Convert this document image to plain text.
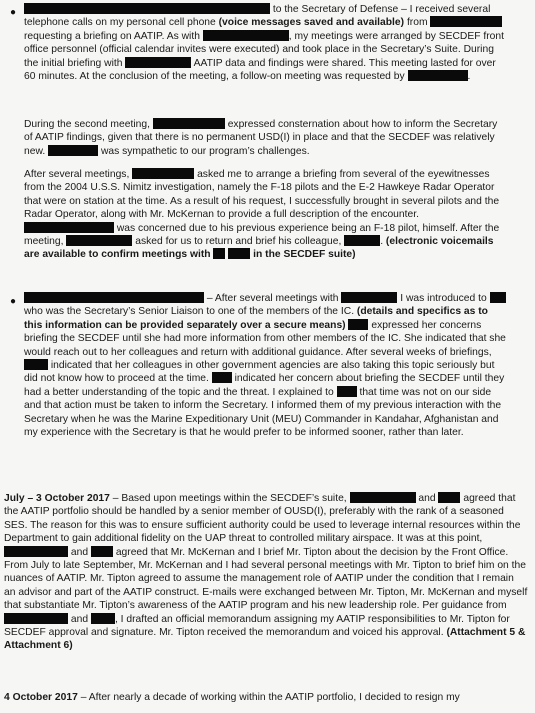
●	to the Secretary of Defense – I received several telephone calls on my personal cell phone (voice messages saved and available) from  requesting a briefing on AATIP. As with	, my meetings were arranged by SECDEF front office personnel (official calendar invites were executed) and took place in the Secretary’s Suite. During the initial briefing with	AATIP data and findings were shared. This meeting lasted for over 60 minutes. At the conclusion of the meeting, a follow-on meeting was requested by	.
During the second meeting,	expressed consternation about how to inform the Secretary of AATIP findings, given that there is no permanent USD(I) in place and that the SECDEF was relatively new.	was sympathetic to our program’s challenges.
After several meetings,	asked me to arrange a briefing from several of the eyewitnesses from the 2004 U.S.S. Nimitz investigation, namely the F-18 pilots and the E-2 Hawkeye Radar Operator that were on station at the time. As a result of his request, I successfully brought in several pilots and the Radar Operator, along with Mr. McKernan to provide a full description of the encounter.  was concerned due to his previous experience being an F-18 pilot, himself. After the meeting,	asked for us to return and brief his colleague,	. (electronic voicemails are available to confirm meetings with	in the SECDEF suite)
●	– After several meetings with	I was introduced to  who was the Secretary’s Senior Liaison to one of the members of the IC. (details and specifics as to this information can be provided separately over a secure means)	expressed her concerns briefing the SECDEF until she had more information from other members of the IC. She indicated that she would reach out to her colleagues and return with additional guidance. After several weeks of briefings,  indicated that her colleagues in other government agencies are also taking this topic seriously but did not know how to proceed at the time.	indicated her concern about briefing the SECDEF until they had a better understanding of the topic and the threat. I explained to	that time was not on our side and that action must be taken to inform the Secretary. I informed them of my previous interaction with the Secretary when he was the Marine Expeditionary Unit (MEU) Commander in Kandahar, Afghanistan and my experience with the Secretary is that he would prefer to be informed sooner, rather than later.
July – 3 October 2017 – Based upon meetings within the SECDEF’s suite,	and	agreed that the AATIP portfolio should be handled by a senior member of OUSD(I), preferably with the rank of a seasoned SES. The reason for this was to ensure sufficient authority could be used to leverage internal resources within the Department to gain additional fidelity on the UAP threat to controlled military airspace. It was at this point,  and	agreed that Mr. McKernan and I brief Mr. Tipton about the decision by the Front Office. From July to late September, Mr. McKernan and I had several personal meetings with Mr. Tipton to brief him on the nuances of AATIP. Mr. Tipton agreed to assume the management role of AATIP under the condition that I remain an advisor and part of the AATIP construct. E-mails were exchanged between Mr. Tipton, Mr. McKernan and myself that substantiate Mr. Tipton’s awareness of the AATIP program and his new leadership role. Per guidance from  and	, I drafted an official memorandum assigning my AATIP responsibilities to Mr. Tipton for SECDEF approval and signature. Mr. Tipton received the memorandum and voiced his approval. (Attachment 5 & Attachment 6)
4 October 2017 – After nearly a decade of working within the AATIP portfolio, I decided to resign my
